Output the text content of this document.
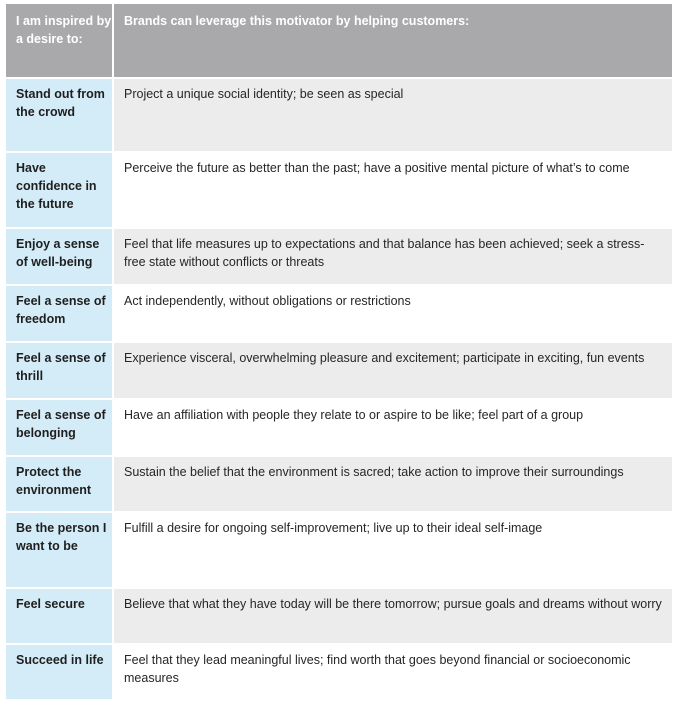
I am inspired by a desire to:
Brands can leverage this motivator by helping customers:
Stand out from the crowd
Project a unique social identity; be seen as special
Have confidence in the future
Perceive the future as better than the past; have a positive mental picture of what’s to come
Enjoy a sense of well-being
Feel that life measures up to expectations and that balance has been achieved; seek a stress-free state without conflicts or threats
Feel a sense of freedom
Act independently, without obligations or restrictions
Feel a sense of thrill
Experience visceral, overwhelming pleasure and excitement; participate in exciting, fun events
Feel a sense of belonging
Have an affiliation with people they relate to or aspire to be like; feel part of a group
Protect the environment
Sustain the belief that the environment is sacred; take action to improve their surroundings
Be the person I want to be
Fulfill a desire for ongoing self-improvement; live up to their ideal self-image
Feel secure	Believe that what they have today will be there tomorrow; pursue goals and dreams without worry
Succeed in life	Feel that they lead meaningful lives; find worth that goes beyond financial or socioeconomic measures
